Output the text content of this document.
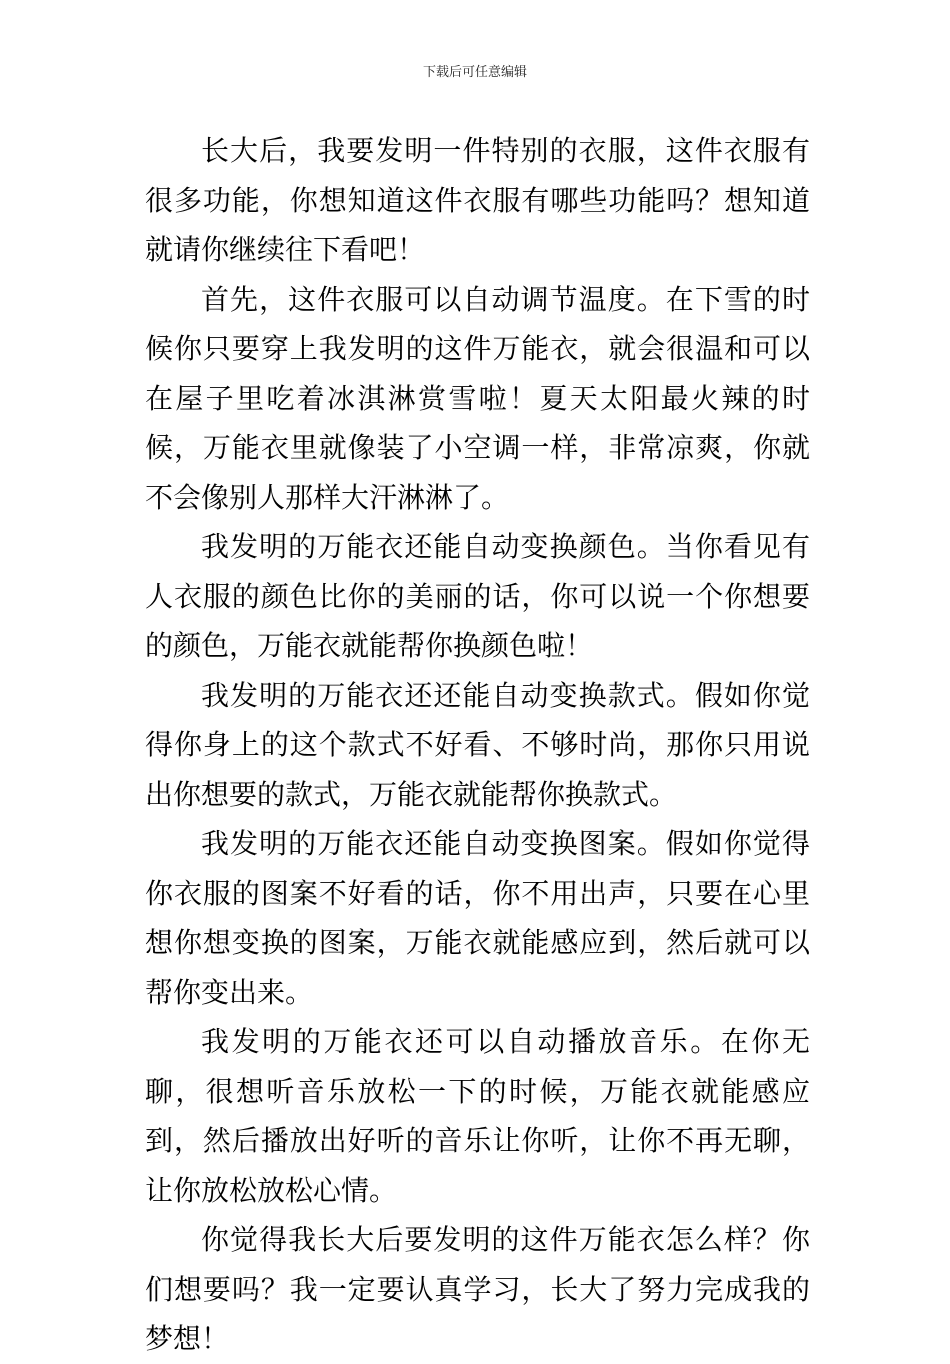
下载后可任意编辑

长大后，我要发明一件特别的衣服，这件衣服有很多功能，你想知道这件衣服有哪些功能吗？想知道就请你继续往下看吧！

首先，这件衣服可以自动调节温度。在下雪的时候你只要穿上我发明的这件万能衣，就会很温和可以在屋子里吃着冰淇淋赏雪啦！夏天太阳最火辣的时候，万能衣里就像装了小空调一样，非常凉爽，你就不会像别人那样大汗淋淋了。

我发明的万能衣还能自动变换颜色。当你看见有人衣服的颜色比你的美丽的话，你可以说一个你想要的颜色，万能衣就能帮你换颜色啦！

我发明的万能衣还还能自动变换款式。假如你觉得你身上的这个款式不好看、不够时尚，那你只用说出你想要的款式，万能衣就能帮你换款式。

我发明的万能衣还能自动变换图案。假如你觉得你衣服的图案不好看的话，你不用出声，只要在心里想你想变换的图案，万能衣就能感应到，然后就可以帮你变出来。

我发明的万能衣还可以自动播放音乐。在你无聊，很想听音乐放松一下的时候，万能衣就能感应到，然后播放出好听的音乐让你听，让你不再无聊，让你放松放松心情。

你觉得我长大后要发明的这件万能衣怎么样？你们想要吗？我一定要认真学习，长大了努力完成我的梦想！
